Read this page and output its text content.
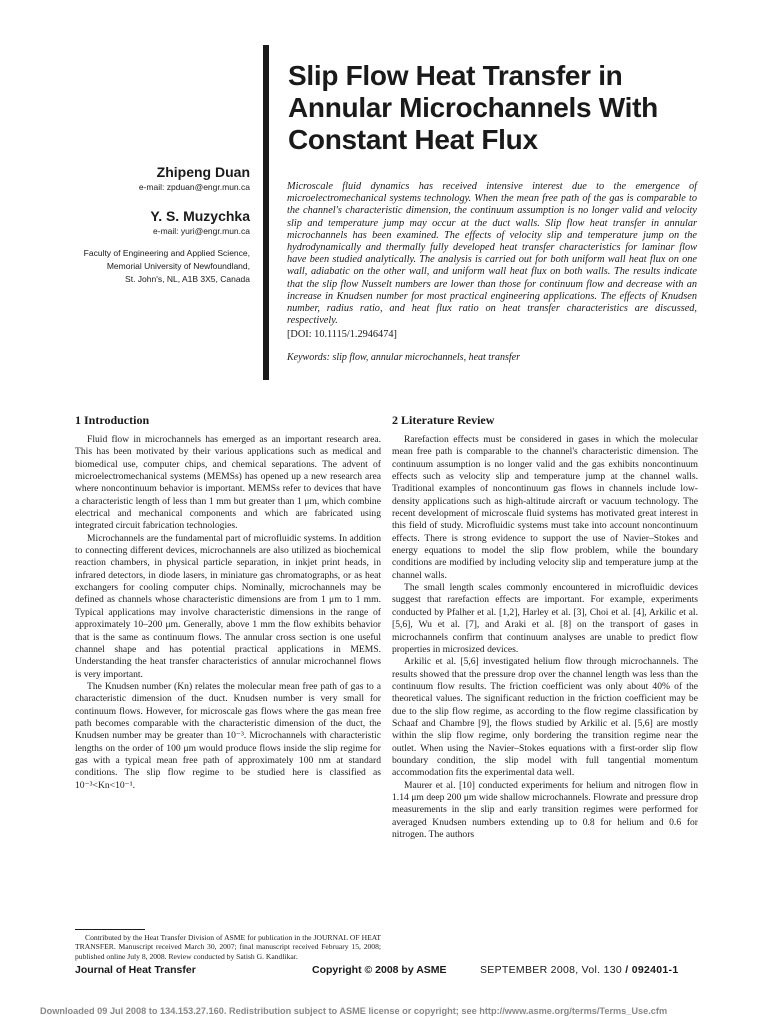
Slip Flow Heat Transfer in
Annular Microchannels With
Constant Heat Flux
Zhipeng Duan
e-mail: zpduan@engr.mun.ca
Y. S. Muzychka
e-mail: yuri@engr.mun.ca
Faculty of Engineering and Applied Science,
Memorial University of Newfoundland,
St. John's, NL, A1B 3X5, Canada
Microscale fluid dynamics has received intensive interest due to the emergence of microelectromechanical systems technology. When the mean free path of the gas is comparable to the channel's characteristic dimension, the continuum assumption is no longer valid and velocity slip and temperature jump may occur at the duct walls. Slip flow heat transfer in annular microchannels has been examined. The effects of velocity slip and temperature jump on the hydrodynamically and thermally fully developed heat transfer characteristics for laminar flow have been studied analytically. The analysis is carried out for both uniform wall heat flux on one wall, adiabatic on the other wall, and uniform wall heat flux on both walls. The results indicate that the slip flow Nusselt numbers are lower than those for continuum flow and decrease with an increase in Knudsen number for most practical engineering applications. The effects of Knudsen number, radius ratio, and heat flux ratio on heat transfer characteristics are discussed, respectively.
[DOI: 10.1115/1.2946474]
Keywords: slip flow, annular microchannels, heat transfer
1 Introduction

Fluid flow in microchannels has emerged as an important research area. This has been motivated by their various applications such as medical and biomedical use, computer chips, and chemical separations. The advent of microelectromechanical systems (MEMSs) has opened up a new research area where noncontinuum behavior is important. MEMSs refer to devices that have a characteristic length of less than 1 mm but greater than 1 μm, which combine electrical and mechanical components and which are fabricated using integrated circuit fabrication technologies.

Microchannels are the fundamental part of microfluidic systems. In addition to connecting different devices, microchannels are also utilized as biochemical reaction chambers, in physical particle separation, in inkjet print heads, in infrared detectors, in diode lasers, in miniature gas chromatographs, or as heat exchangers for cooling computer chips. Nominally, microchannels may be defined as channels whose characteristic dimensions are from 1 μm to 1 mm. Typical applications may involve characteristic dimensions in the range of approximately 10–200 μm. Generally, above 1 mm the flow exhibits behavior that is the same as continuum flows. The annular cross section is one useful channel shape and has potential practical applications in MEMS. Understanding the heat transfer characteristics of annular microchannel flows is very important.

The Knudsen number (Kn) relates the molecular mean free path of gas to a characteristic dimension of the duct. Knudsen number is very small for continuum flows. However, for microscale gas flows where the gas mean free path becomes comparable with the characteristic dimension of the duct, the Knudsen number may be greater than 10⁻³. Microchannels with characteristic lengths on the order of 100 μm would produce flows inside the slip regime for gas with a typical mean free path of approximately 100 nm at standard conditions. The slip flow regime to be studied here is classified as 10⁻³<Kn<10⁻¹.

Contributed by the Heat Transfer Division of ASME for publication in the JOURNAL OF HEAT TRANSFER. Manuscript received March 30, 2007; final manuscript received February 15, 2008; published online July 8, 2008. Review conducted by Satish G. Kandlikar.
2 Literature Review

Rarefaction effects must be considered in gases in which the molecular mean free path is comparable to the channel's characteristic dimension. The continuum assumption is no longer valid and the gas exhibits noncontinuum effects such as velocity slip and temperature jump at the channel walls. Traditional examples of noncontinuum gas flows in channels include low-density applications such as high-altitude aircraft or vacuum technology. The recent development of microscale fluid systems has motivated great interest in this field of study. Microfluidic systems must take into account noncontinuum effects. There is strong evidence to support the use of Navier–Stokes and energy equations to model the slip flow problem, while the boundary conditions are modified by including velocity slip and temperature jump at the channel walls.

The small length scales commonly encountered in microfluidic devices suggest that rarefaction effects are important. For example, experiments conducted by Pfalher et al. [1,2], Harley et al. [3], Choi et al. [4], Arkilic et al. [5,6], Wu et al. [7], and Araki et al. [8] on the transport of gases in microchannels confirm that continuum analyses are unable to predict flow properties in microsized devices.

Arkilic et al. [5,6] investigated helium flow through microchannels. The results showed that the pressure drop over the channel length was less than the continuum flow results. The friction coefficient was only about 40% of the theoretical values. The significant reduction in the friction coefficient may be due to the slip flow regime, as according to the flow regime classification by Schaaf and Chambre [9], the flows studied by Arkilic et al. [5,6] are mostly within the slip flow regime, only bordering the transition regime near the outlet. When using the Navier–Stokes equations with a first-order slip flow boundary condition, the slip model with full tangential momentum accommodation fits the experimental data well.

Maurer et al. [10] conducted experiments for helium and nitrogen flow in 1.14 μm deep 200 μm wide shallow microchannels. Flowrate and pressure drop measurements in the slip and early transition regimes were performed for averaged Knudsen numbers extending up to 0.8 for helium and 0.6 for nitrogen. The authors

Journal of Heat Transfer	Copyright © 2008 by ASME	SEPTEMBER 2008, Vol. 130 / 092401-1
Downloaded 09 Jul 2008 to 134.153.27.160. Redistribution subject to ASME license or copyright; see http://www.asme.org/terms/Terms_Use.cfm
